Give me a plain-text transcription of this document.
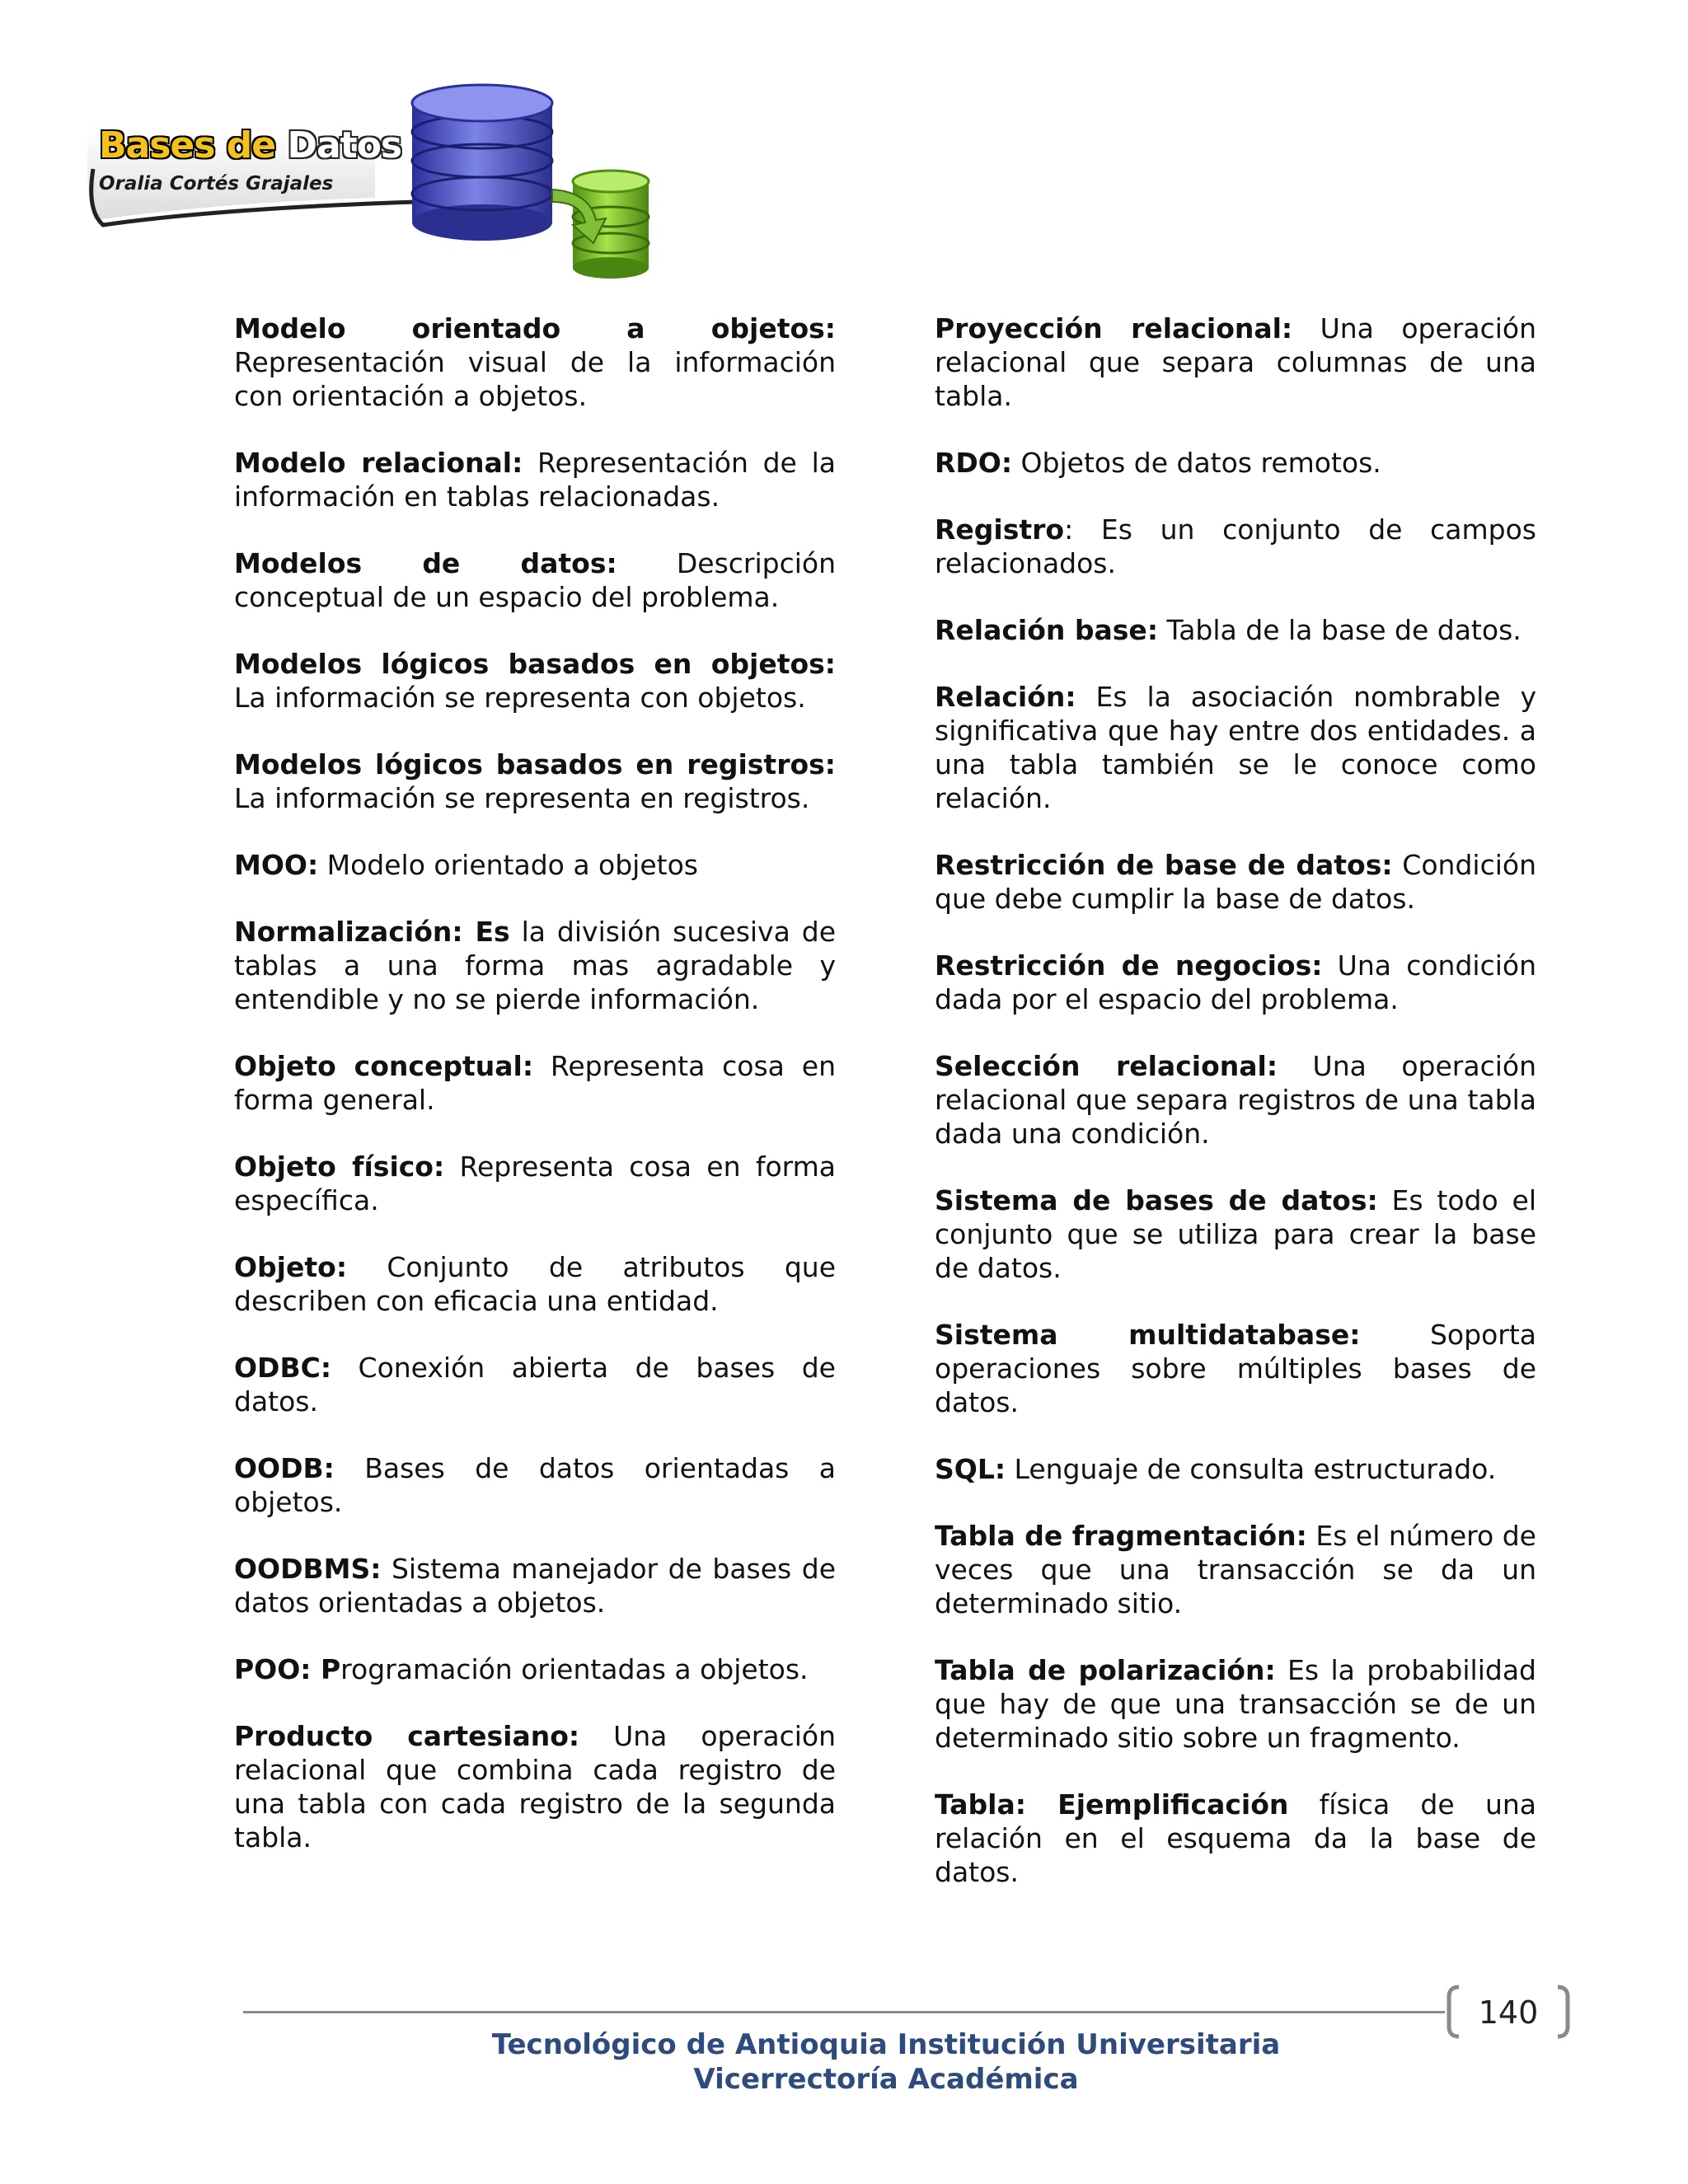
Bases de Datos
Oralia Cortés Grajales

Modelo orientado a objetos: Representación visual de la información con orientación a objetos.

Modelo relacional: Representación de la información en tablas relacionadas.

Modelos de datos: Descripción conceptual de un espacio del problema.

Modelos lógicos basados en objetos: La información se representa con objetos.

Modelos lógicos basados en registros: La información se representa en registros.

MOO: Modelo orientado a objetos

Normalización: Es la división sucesiva de tablas a una forma mas agradable y entendible y no se pierde información.

Objeto conceptual: Representa cosa en forma general.

Objeto físico: Representa cosa en forma específica.

Objeto: Conjunto de atributos que describen con eficacia una entidad.

ODBC: Conexión abierta de bases de datos.

OODB: Bases de datos orientadas a objetos.

OODBMS: Sistema manejador de bases de datos orientadas a objetos.

POO: Programación orientadas a objetos.

Producto cartesiano: Una operación relacional que combina cada registro de una tabla con cada registro de la segunda tabla.

Proyección relacional: Una operación relacional que separa columnas de una tabla.

RDO: Objetos de datos remotos.

Registro: Es un conjunto de campos relacionados.

Relación base: Tabla de la base de datos.

Relación: Es la asociación nombrable y significativa que hay entre dos entidades. a una tabla también se le conoce como relación.

Restricción de base de datos: Condición que debe cumplir la base de datos.

Restricción de negocios: Una condición dada por el espacio del problema.

Selección relacional: Una operación relacional que separa registros de una tabla dada una condición.

Sistema de bases de datos: Es todo el conjunto que se utiliza para crear la base de datos.

Sistema multidatabase: Soporta operaciones sobre múltiples bases de datos.

SQL: Lenguaje de consulta estructurado.

Tabla de fragmentación: Es el número de veces que una transacción se da un determinado sitio.

Tabla de polarización: Es la probabilidad que hay de que una transacción se de un determinado sitio sobre un fragmento.

Tabla: Ejemplificación física de una relación en el esquema da la base de datos.

140
Tecnológico de Antioquia Institución Universitaria
Vicerrectoría Académica
